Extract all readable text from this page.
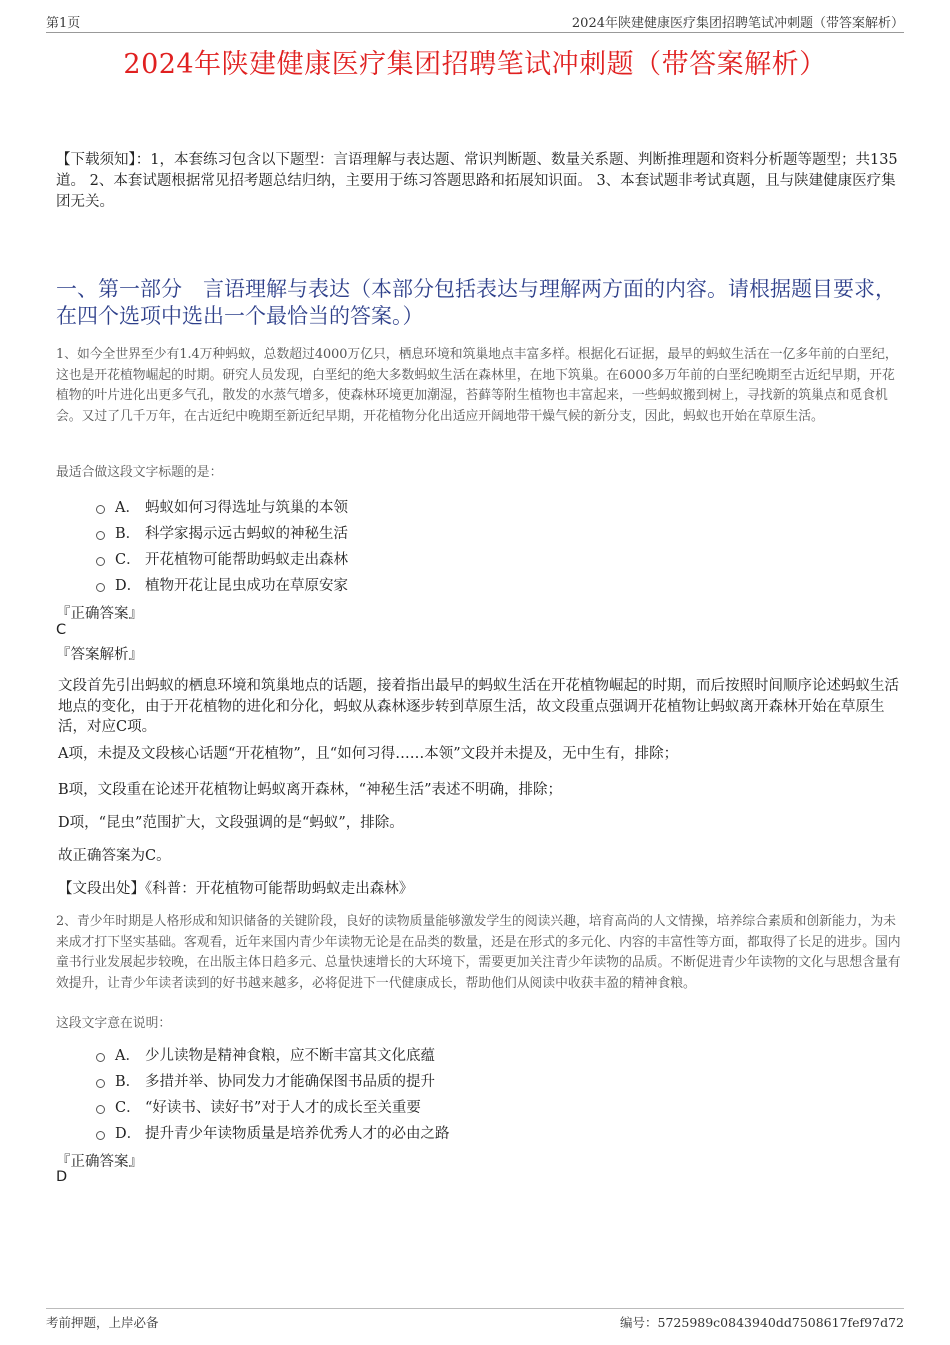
第1页	2024年陕建健康医疗集团招聘笔试冲刺题（带答案解析）
2024年陕建健康医疗集团招聘笔试冲刺题（带答案解析）
【下载须知】：1，本套练习包含以下题型：言语理解与表达题、常识判断题、数量关系题、判断推理题和资料分析题等题型；共135道。 2、本套试题根据常见招考题总结归纳，主要用于练习答题思路和拓展知识面。 3、本套试题非考试真题，且与陕建健康医疗集团无关。
一、第一部分　言语理解与表达（本部分包括表达与理解两方面的内容。请根据题目要求，在四个选项中选出一个最恰当的答案。）
1、如今全世界至少有1.4万种蚂蚁，总数超过4000万亿只，栖息环境和筑巢地点丰富多样。根据化石证据，最早的蚂蚁生活在一亿多年前的白垩纪，这也是开花植物崛起的时期。研究人员发现，白垩纪的绝大多数蚂蚁生活在森林里，在地下筑巢。在6000多万年前的白垩纪晚期至古近纪早期，开花植物的叶片进化出更多气孔，散发的水蒸气增多，使森林环境更加潮湿，苔藓等附生植物也丰富起来，一些蚂蚁搬到树上，寻找新的筑巢点和觅食机会。又过了几千万年，在古近纪中晚期至新近纪早期，开花植物分化出适应开阔地带干燥气候的新分支，因此，蚂蚁也开始在草原生活。
最适合做这段文字标题的是：
A． 蚂蚁如何习得选址与筑巢的本领
B． 科学家揭示远古蚂蚁的神秘生活
C． 开花植物可能帮助蚂蚁走出森林
D． 植物开花让昆虫成功在草原安家
『正确答案』
C
『答案解析』
文段首先引出蚂蚁的栖息环境和筑巢地点的话题，接着指出最早的蚂蚁生活在开花植物崛起的时期，而后按照时间顺序论述蚂蚁生活地点的变化，由于开花植物的进化和分化，蚂蚁从森林逐步转到草原生活，故文段重点强调开花植物让蚂蚁离开森林开始在草原生活，对应C项。
A项，未提及文段核心话题“开花植物”，且“如何习得……本领”文段并未提及，无中生有，排除；
B项，文段重在论述开花植物让蚂蚁离开森林，“神秘生活”表述不明确，排除；
D项，“昆虫”范围扩大，文段强调的是“蚂蚁”，排除。
故正确答案为C。
【文段出处】《科普：开花植物可能帮助蚂蚁走出森林》
2、青少年时期是人格形成和知识储备的关键阶段，良好的读物质量能够激发学生的阅读兴趣，培育高尚的人文情操，培养综合素质和创新能力，为未来成才打下坚实基础。客观看，近年来国内青少年读物无论是在品类的数量，还是在形式的多元化、内容的丰富性等方面，都取得了长足的进步。国内童书行业发展起步较晚，在出版主体日趋多元、总量快速增长的大环境下，需要更加关注青少年读物的品质。不断促进青少年读物的文化与思想含量有效提升，让青少年读者读到的好书越来越多，必将促进下一代健康成长，帮助他们从阅读中收获丰盈的精神食粮。
这段文字意在说明：
A． 少儿读物是精神食粮，应不断丰富其文化底蕴
B． 多措并举、协同发力才能确保图书品质的提升
C． “好读书、读好书”对于人才的成长至关重要
D． 提升青少年读物质量是培养优秀人才的必由之路
『正确答案』
D
考前押题，上岸必备	编号：5725989c0843940dd7508617fef97d72
